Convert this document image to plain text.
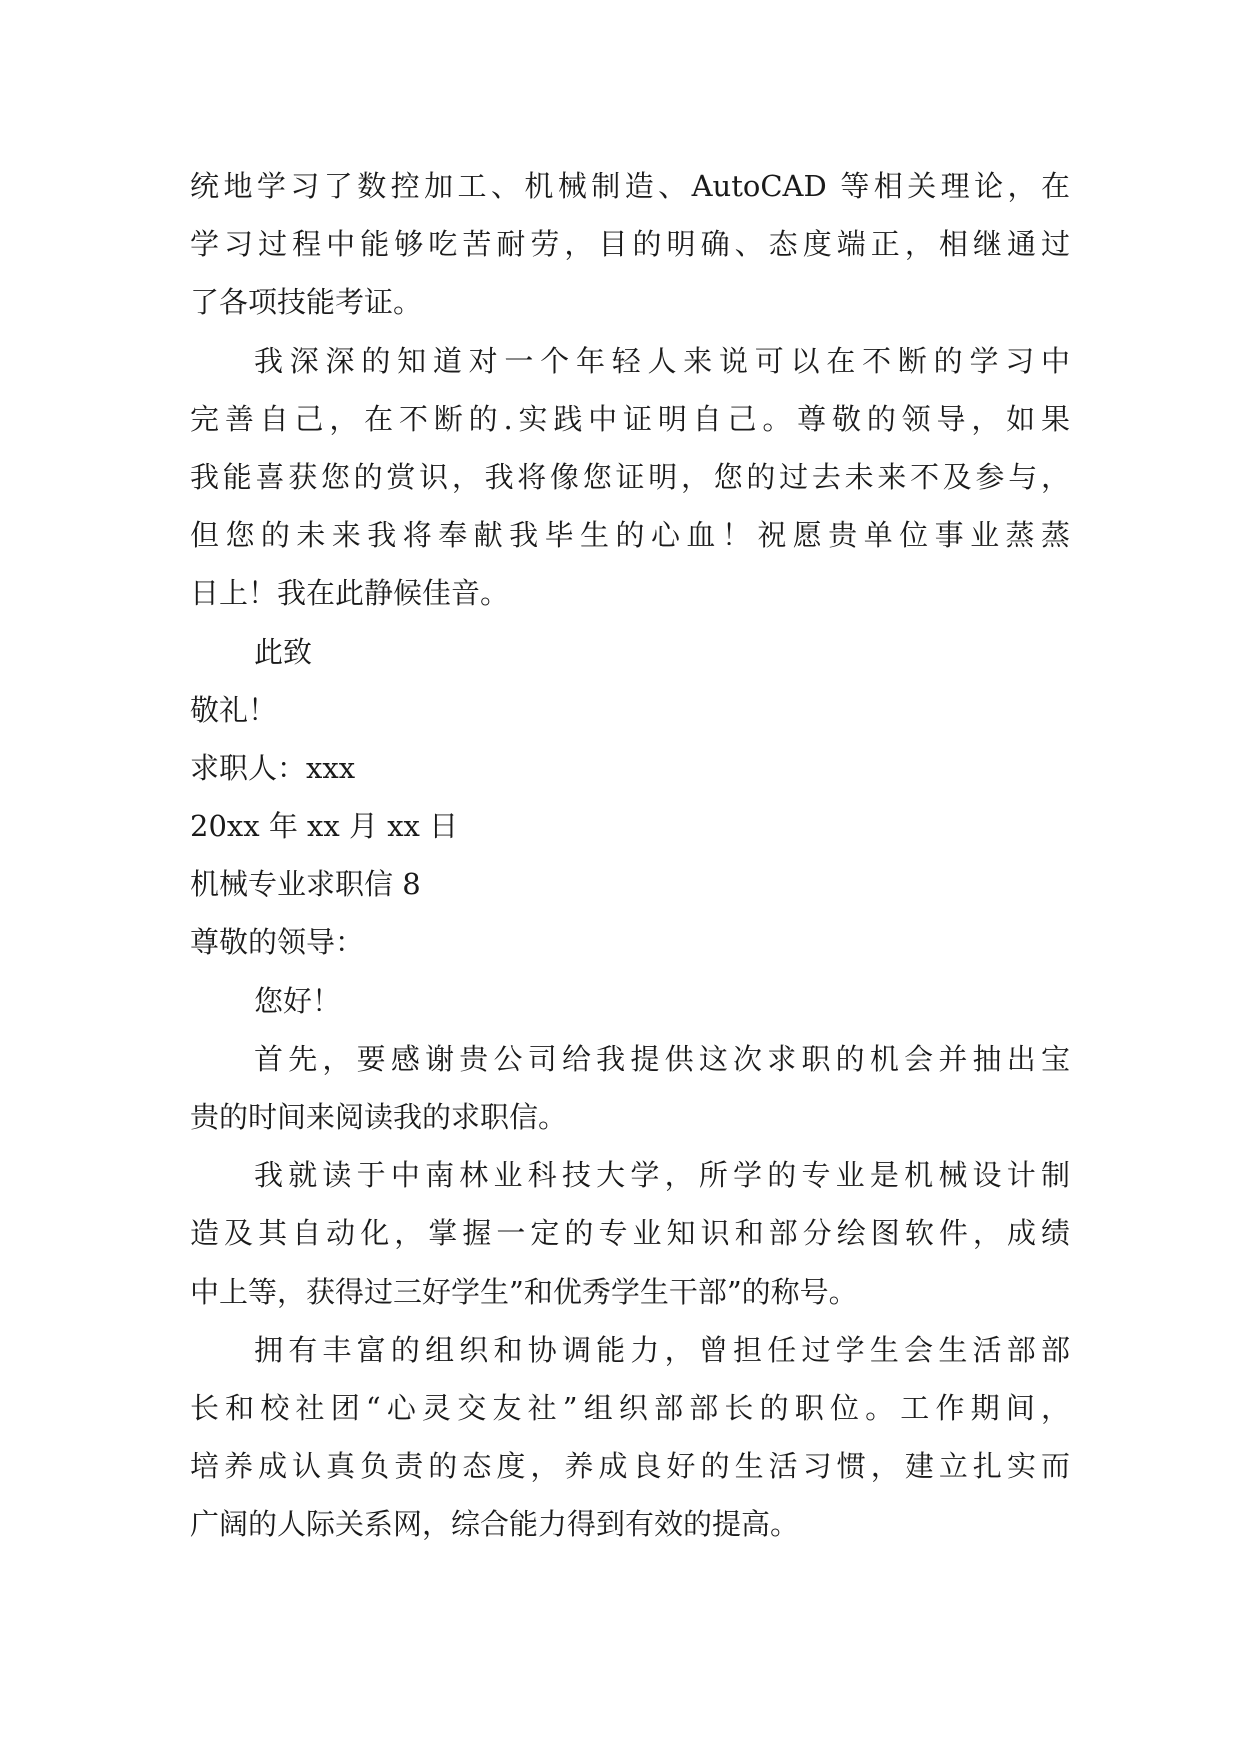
统地学习了数控加工、机械制造、AutoCAD 等相关理论，在
学习过程中能够吃苦耐劳，目的明确、态度端正，相继通过
了各项技能考证。
我深深的知道对一个年轻人来说可以在不断的学习中
完善自己，在不断的.实践中证明自己。尊敬的领导，如果
我能喜获您的赏识，我将像您证明，您的过去未来不及参与，
但您的未来我将奉献我毕生的心血！祝愿贵单位事业蒸蒸
日上！我在此静候佳音。
此致
敬礼！
求职人：xxx
20xx 年 xx 月 xx 日
机械专业求职信 8
尊敬的领导：
您好！
首先，要感谢贵公司给我提供这次求职的机会并抽出宝
贵的时间来阅读我的求职信。
我就读于中南林业科技大学，所学的专业是机械设计制
造及其自动化，掌握一定的专业知识和部分绘图软件，成绩
中上等，获得过三好学生”和优秀学生干部”的称号。
拥有丰富的组织和协调能力，曾担任过学生会生活部部
长和校社团“心灵交友社”组织部部长的职位。工作期间，
培养成认真负责的态度，养成良好的生活习惯，建立扎实而
广阔的人际关系网，综合能力得到有效的提高。
